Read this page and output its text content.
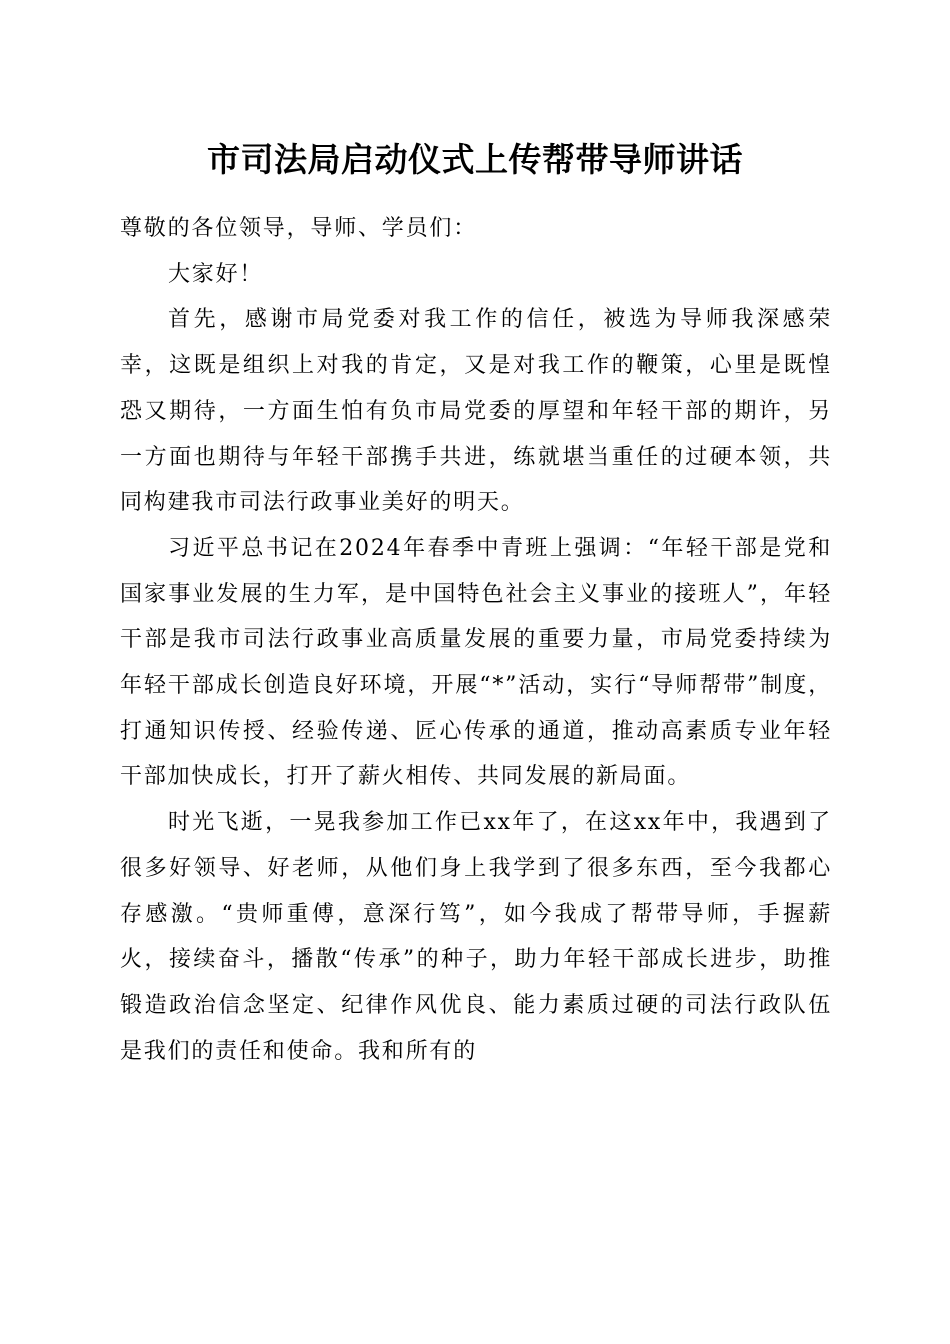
市司法局启动仪式上传帮带导师讲话

尊敬的各位领导，导师、学员们：

大家好！

首先，感谢市局党委对我工作的信任，被选为导师我深感荣幸，这既是组织上对我的肯定，又是对我工作的鞭策，心里是既惶恐又期待，一方面生怕有负市局党委的厚望和年轻干部的期许，另一方面也期待与年轻干部携手共进，练就堪当重任的过硬本领，共同构建我市司法行政事业美好的明天。

习近平总书记在2024年春季中青班上强调：“年轻干部是党和国家事业发展的生力军，是中国特色社会主义事业的接班人”，年轻干部是我市司法行政事业高质量发展的重要力量，市局党委持续为年轻干部成长创造良好环境，开展“*”活动，实行“导师帮带”制度，打通知识传授、经验传递、匠心传承的通道，推动高素质专业年轻干部加快成长，打开了薪火相传、共同发展的新局面。

时光飞逝，一晃我参加工作已xx年了，在这xx年中，我遇到了很多好领导、好老师，从他们身上我学到了很多东西，至今我都心存感激。“贵师重傅，意深行笃”，如今我成了帮带导师，手握薪火，接续奋斗，播散“传承”的种子，助力年轻干部成长进步，助推锻造政治信念坚定、纪律作风优良、能力素质过硬的司法行政队伍是我们的责任和使命。我和所有的
